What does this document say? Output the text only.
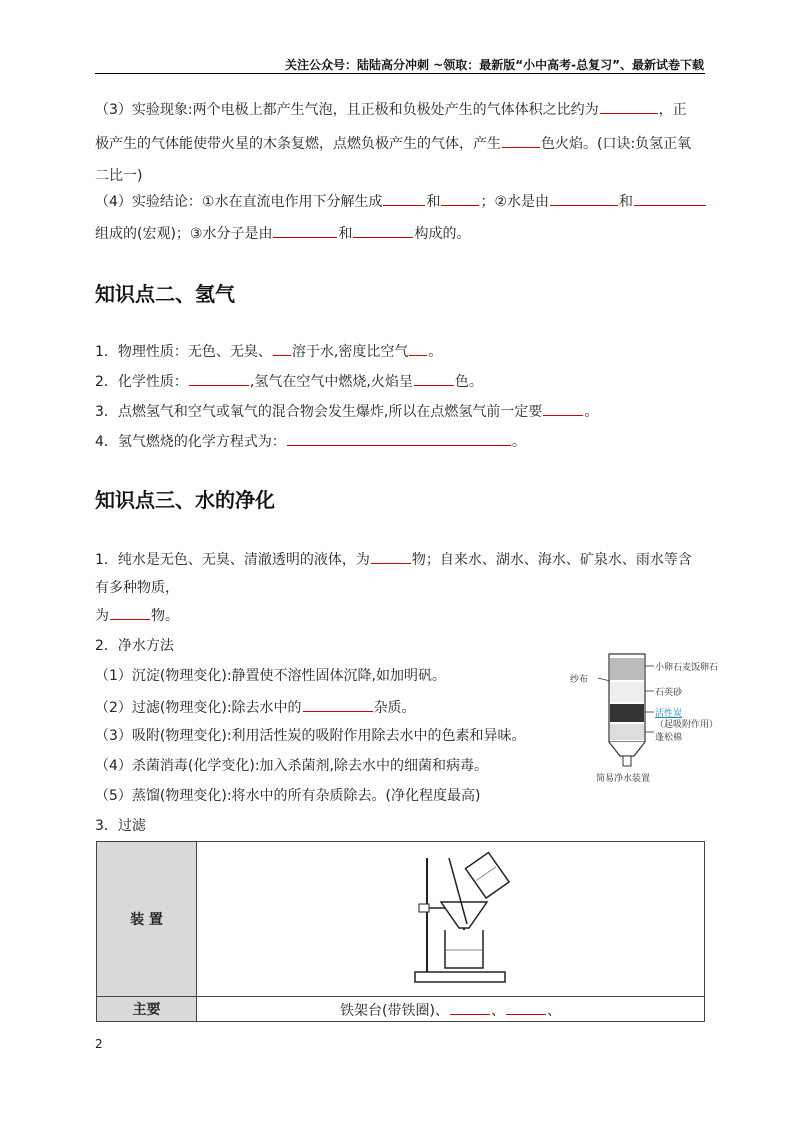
关注公众号：陆陆高分冲刺 ~领取：最新版“小中高考-总复习”、最新试卷下载
（3）实验现象:两个电极上都产生气泡，且正极和负极处产生的气体体积之比约为	，正
极产生的气体能使带火星的木条复燃，点燃负极产生的气体，产生	色火焰。(口诀:负氢正氧
二比一)
（4）实验结论：①水在直流电作用下分解生成	和	；②水是由	和
组成的(宏观)；③水分子是由	和	构成的。
知识点二、氢气
1．物理性质：无色、无臭、 溶于水,密度比空气 。
2．化学性质：	,氢气在空气中燃烧,火焰呈	色。
3．点燃氢气和空气或氧气的混合物会发生爆炸,所以在点燃氢气前一定要	。
4．氢气燃烧的化学方程式为：	。
知识点三、水的净化
1．纯水是无色、无臭、清澈透明的液体，为	物；自来水、湖水、海水、矿泉水、雨水等含
有多种物质，
为	物。
2．净水方法
（1）沉淀(物理变化):静置使不溶性固体沉降,如加明矾。
（2）过滤(物理变化):除去水中的	杂质。
（3）吸附(物理变化):利用活性炭的吸附作用除去水中的色素和异味。
（4）杀菌消毒(化学变化):加入杀菌剂,除去水中的细菌和病毒。
（5）蒸馏(物理变化):将水中的所有杂质除去。(净化程度最高)
3．过滤
小卵石麦饭卵石
纱布
石英砂
活性炭
（起吸附作用）
蓬松棉
简易净水装置
装 置	

主要	铁架台(带铁圈)、 、 、
2
